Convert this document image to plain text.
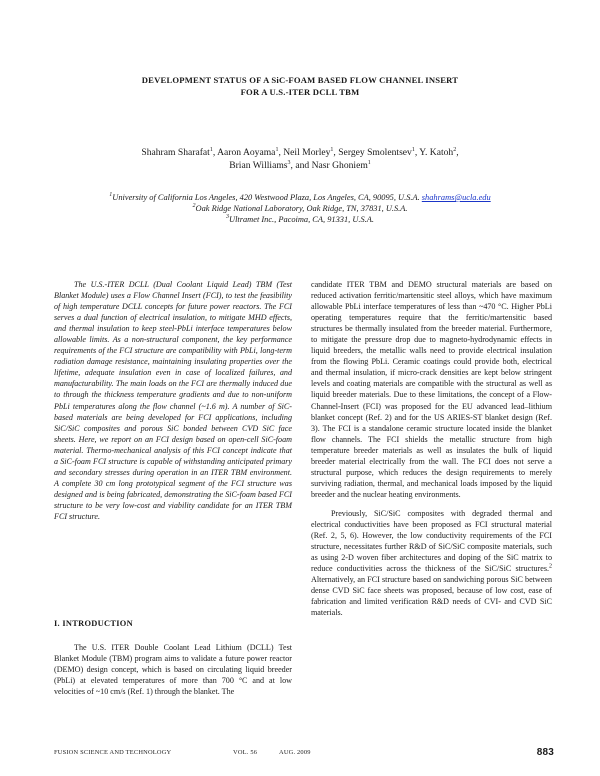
DEVELOPMENT STATUS OF A SiC-FOAM BASED FLOW CHANNEL INSERT
FOR A U.S.-ITER DCLL TBM
Shahram Sharafat$^1$, Aaron Aoyama$^1$, Neil Morley$^1$, Sergey Smolentsev$^1$, Y. Katoh$^2$,
Brian Williams$^3$, and Nasr Ghoniem$^1$
$^1$University of California Los Angeles, 420 Westwood Plaza, Los Angeles, CA, 90095, U.S.A. shahrams@ucla.edu
$^2$Oak Ridge National Laboratory, Oak Ridge, TN, 37831, U.S.A.
$^3$Ultramet Inc., Pacoima, CA, 91331, U.S.A.

The U.S.-ITER DCLL (Dual Coolant Liquid Lead) TBM (Test Blanket Module) uses a Flow Channel Insert (FCI), to test the feasibility of high temperature DCLL concepts for future power reactors. The FCI serves a dual function of electrical insulation, to mitigate MHD effects, and thermal insulation to keep steel-PbLi interface temperatures below allowable limits. As a non-structural component, the key performance requirements of the FCI structure are compatibility with PbLi, long-term radiation damage resistance, maintaining insulating properties over the lifetime, adequate insulation even in case of localized failures, and manufacturability. The main loads on the FCI are thermally induced due to through the thickness temperature gradients and due to non-uniform PbLi temperatures along the flow channel (~1.6 m). A number of SiC-based materials are being developed for FCI applications, including SiC/SiC composites and porous SiC bonded between CVD SiC face sheets. Here, we report on an FCI design based on open-cell SiC-foam material. Thermo-mechanical analysis of this FCI concept indicate that a SiC-foam FCI structure is capable of withstanding anticipated primary and secondary stresses during operation in an ITER TBM environment. A complete 30 cm long prototypical segment of the FCI structure was designed and is being fabricated, demonstrating the SiC-foam based FCI structure to be very low-cost and viability candidate for an ITER TBM FCI structure.

I. INTRODUCTION

The U.S. ITER Double Coolant Lead Lithium (DCLL) Test Blanket Module (TBM) program aims to validate a future power reactor (DEMO) design concept, which is based on circulating liquid breeder (PbLi) at elevated temperatures of more than 700 °C and at low velocities of ~10 cm/s (Ref. 1) through the blanket. The

candidate ITER TBM and DEMO structural materials are based on reduced activation ferritic/martensitic steel alloys, which have maximum allowable PbLi interface temperatures of less than ~470 °C. Higher PbLi operating temperatures require that the ferritic/martensitic based structures be thermally insulated from the breeder material. Furthermore, to mitigate the pressure drop due to magneto-hydrodynamic effects in liquid breeders, the metallic walls need to provide electrical insulation from the flowing PbLi. Ceramic coatings could provide both, electrical and thermal insulation, if micro-crack densities are kept below stringent levels and coating materials are compatible with the structural as well as liquid breeder materials. Due to these limitations, the concept of a Flow-Channel-Insert (FCI) was proposed for the EU advanced lead–lithium blanket concept (Ref. 2) and for the US ARIES-ST blanket design (Ref. 3). The FCI is a standalone ceramic structure located inside the blanket flow channels. The FCI shields the metallic structure from high temperature breeder materials as well as insulates the bulk of liquid breeder material electrically from the wall. The FCI does not serve a structural purpose, which reduces the design requirements to merely surviving radiation, thermal, and mechanical loads imposed by the liquid breeder and the nuclear heating environments.

Previously, SiC/SiC composites with degraded thermal and electrical conductivities have been proposed as FCI structural material (Ref. 2, 5, 6). However, the low conductivity requirements of the FCI structure, necessitates further R&D of SiC/SiC composite materials, such as using 2-D woven fiber architectures and doping of the SiC matrix to reduce conductivities across the thickness of the SiC/SiC structures.$^2$ Alternatively, an FCI structure based on sandwiching porous SiC between dense CVD SiC face sheets was proposed, because of low cost, ease of fabrication and limited verification R&D needs of CVI- and CVD SiC materials.

FUSION SCIENCE AND TECHNOLOGY	VOL. 56	AUG. 2009	883
